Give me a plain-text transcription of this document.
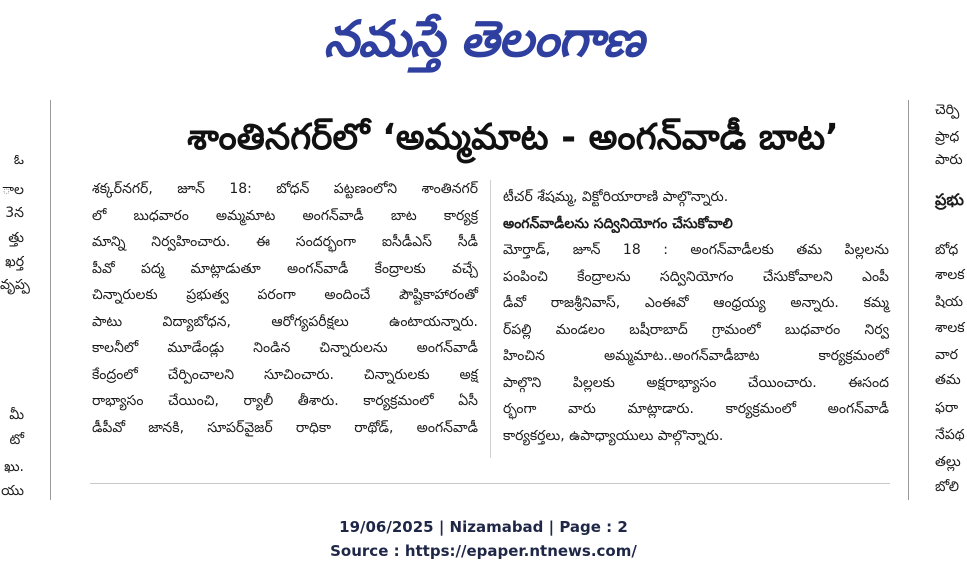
నమస్తే తెలంగాణ
ఓ
ాల
3న
త్తు
ఖర్త
వృప్ప
మీ
టో
ఖు.
యు
చెర్పి
ప్రాధ
పారు
ప్రభు
బోధ
శాలక
షియ
శాలక
వార
తమ
ఫరా
నేపథ
తల్లు
బోలి
శాంతినగర్‌లో ‘అమ్మమాట - అంగన్‌వాడీ బాట’
శక్కర్‌నగర్, జూన్ 18: బోధన్ పట్టణంలోని శాంతినగర్
లో బుధవారం అమ్మమాట అంగన్‌వాడీ బాట కార్యక్ర
మాన్ని నిర్వహించారు. ఈ సందర్భంగా ఐసీడీఎస్ సీడీ
పీవో పద్మ మాట్లాడుతూ అంగన్‌వాడీ కేంద్రాలకు వచ్చే
చిన్నారులకు ప్రభుత్వ పరంగా అందించే పౌష్టికాహారంతో
పాటు విద్యాబోధన, ఆరోగ్యపరీక్షలు ఉంటాయన్నారు.
కాలనీలో మూడేండ్లు నిండిన చిన్నారులను అంగన్‌వాడీ
కేంద్రంలో చేర్పించాలని సూచించారు. చిన్నారులకు అక్ష
రాభ్యాసం చేయించి, ర్యాలీ తీశారు. కార్యక్రమంలో ఏసీ
డీపీవో జానకి, సూపర్‌వైజర్ రాధికా రాథోడ్, అంగన్‌వాడీ
టీచర్ శేషమ్మ, విక్టోరియారాణి పాల్గొన్నారు.
అంగన్‌వాడీలను సద్వినియోగం చేసుకోవాలి
మోర్తాడ్, జూన్ 18 : అంగన్‌వాడీలకు తమ పిల్లలను
పంపించి కేంద్రాలను సద్వినియోగం చేసుకోవాలని ఎంపీ
డీవో రాజశ్రీనివాస్, ఎంఈవో ఆంధ్రయ్య అన్నారు. కమ్మ
ర్‌పల్లి మండలం బషీరాబాద్ గ్రామంలో బుధవారం నిర్వ
హించిన అమ్మమాట..అంగన్‌వాడీబాట కార్యక్రమంలో
పాల్గొని పిల్లలకు అక్షరాభ్యాసం చేయించారు. ఈసంద
ర్భంగా వారు మాట్లాడారు. కార్యక్రమంలో అంగన్‌వాడీ
కార్యకర్తలు, ఉపాధ్యాయులు పాల్గొన్నారు.
19/06/2025 | Nizamabad | Page : 2
Source : https://epaper.ntnews.com/
